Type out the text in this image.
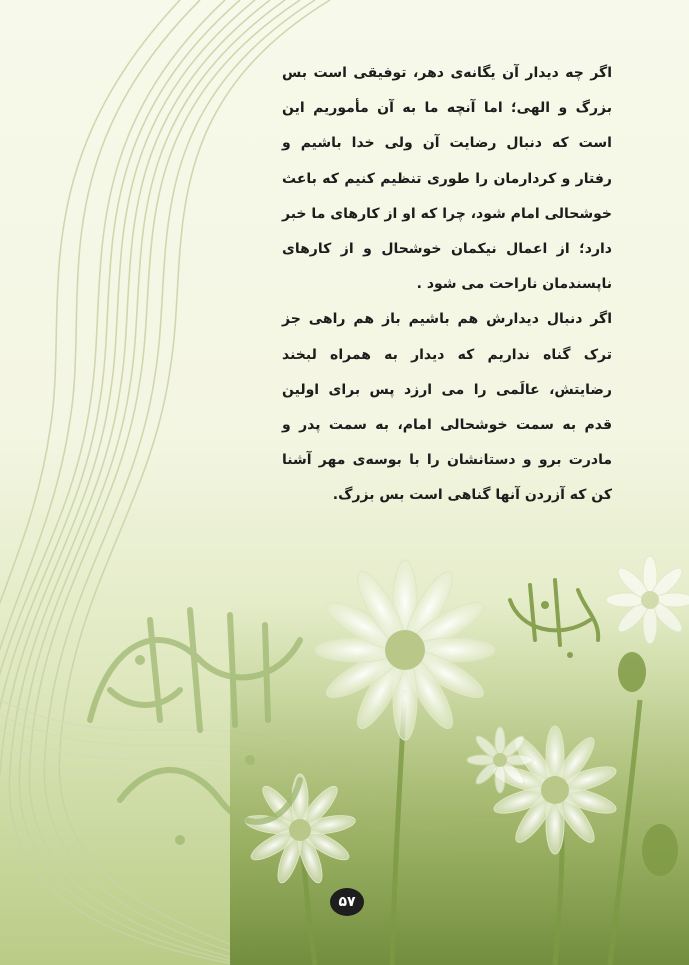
اگر چه دیدار آن یگانه‌ی دهر، توفیقی است بس بزرگ و الهی؛ اما آنچه ما به آن مأموریم این است که دنبال رضایت آن ولی خدا باشیم و رفتار و کردارمان را طوری تنظیم کنیم که باعث خوشحالی امام شود، چرا که او از کارهای ما خبر دارد؛ از اعمال نیکمان خوشحال و از کارهای ناپسندمان ناراحت می شود .

اگر دنبال دیدارش هم باشیم باز هم راهی جز ترک گناه نداریم که دیدار به همراه لبخند رضایتش، عالَمی را می ارزد پس برای اولین قدم به سمت خوشحالی امام، به سمت پدر و مادرت برو و دستانشان را با بوسه‌ی مهر آشنا کن که آزردن آنها گناهی است بس بزرگ.

۵۷
